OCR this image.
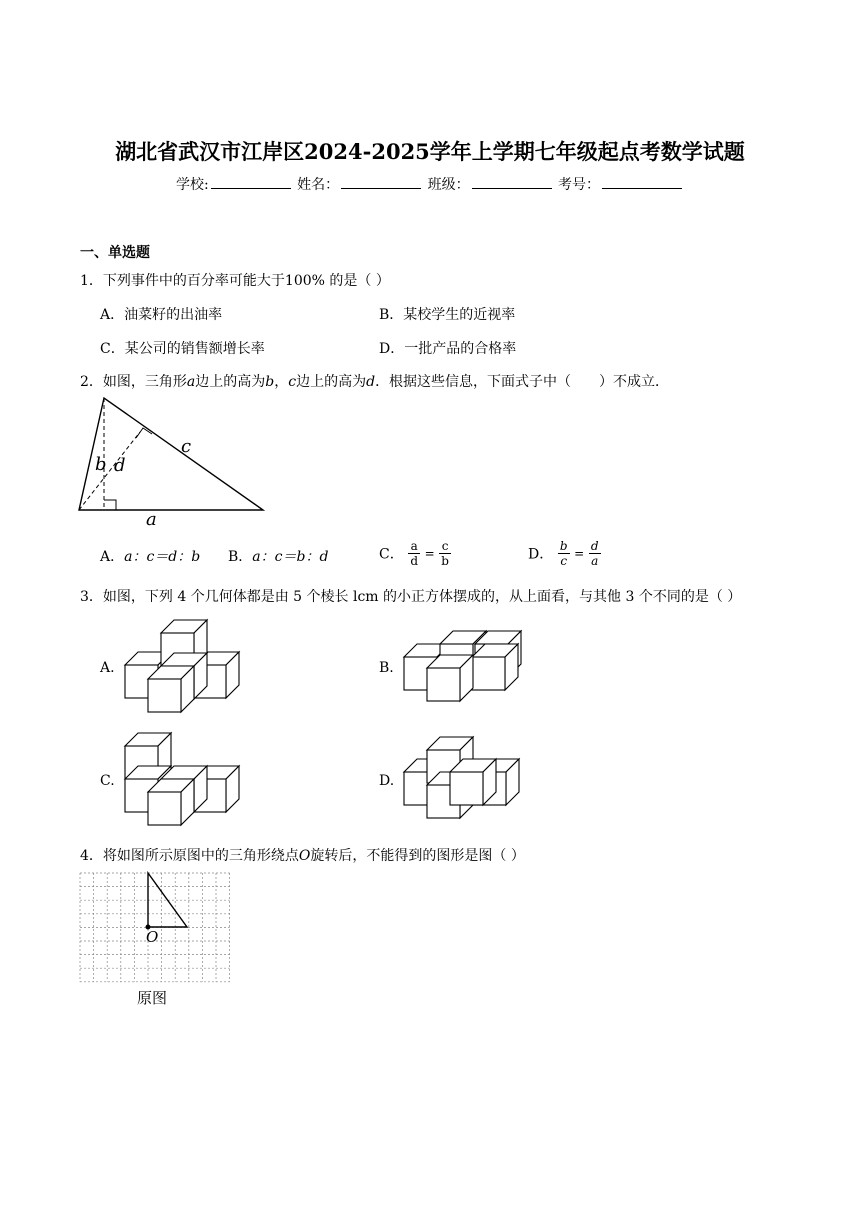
湖北省武汉市江岸区2024-2025学年上学期七年级起点考数学试题
学校:	姓名：	班级：	考号：
一、单选题
1．下列事件中的百分率可能大于100% 的是（ ）
A．油菜籽的出油率	B．某校学生的近视率
C．某公司的销售额增长率	D．一批产品的合格率
2．如图，三角形a边上的高为b，c边上的高为d．根据这些信息，下面式子中（　　）不成立．
c
b d
a
A．a：c＝d：b B．a：c＝b：d	C． $\frac{a}{d} = \frac{c}{b}$	D． $\frac{b}{c} = \frac{d}{a}$
3．如图，下列 4 个几何体都是由 5 个棱长 lcm 的小正方体摆成的，从上面看，与其他 3 个不同的是（ ）
A.	B.
C.	D.
4．将如图所示原图中的三角形绕点O旋转后，不能得到的图形是图（ ）
O
原图
